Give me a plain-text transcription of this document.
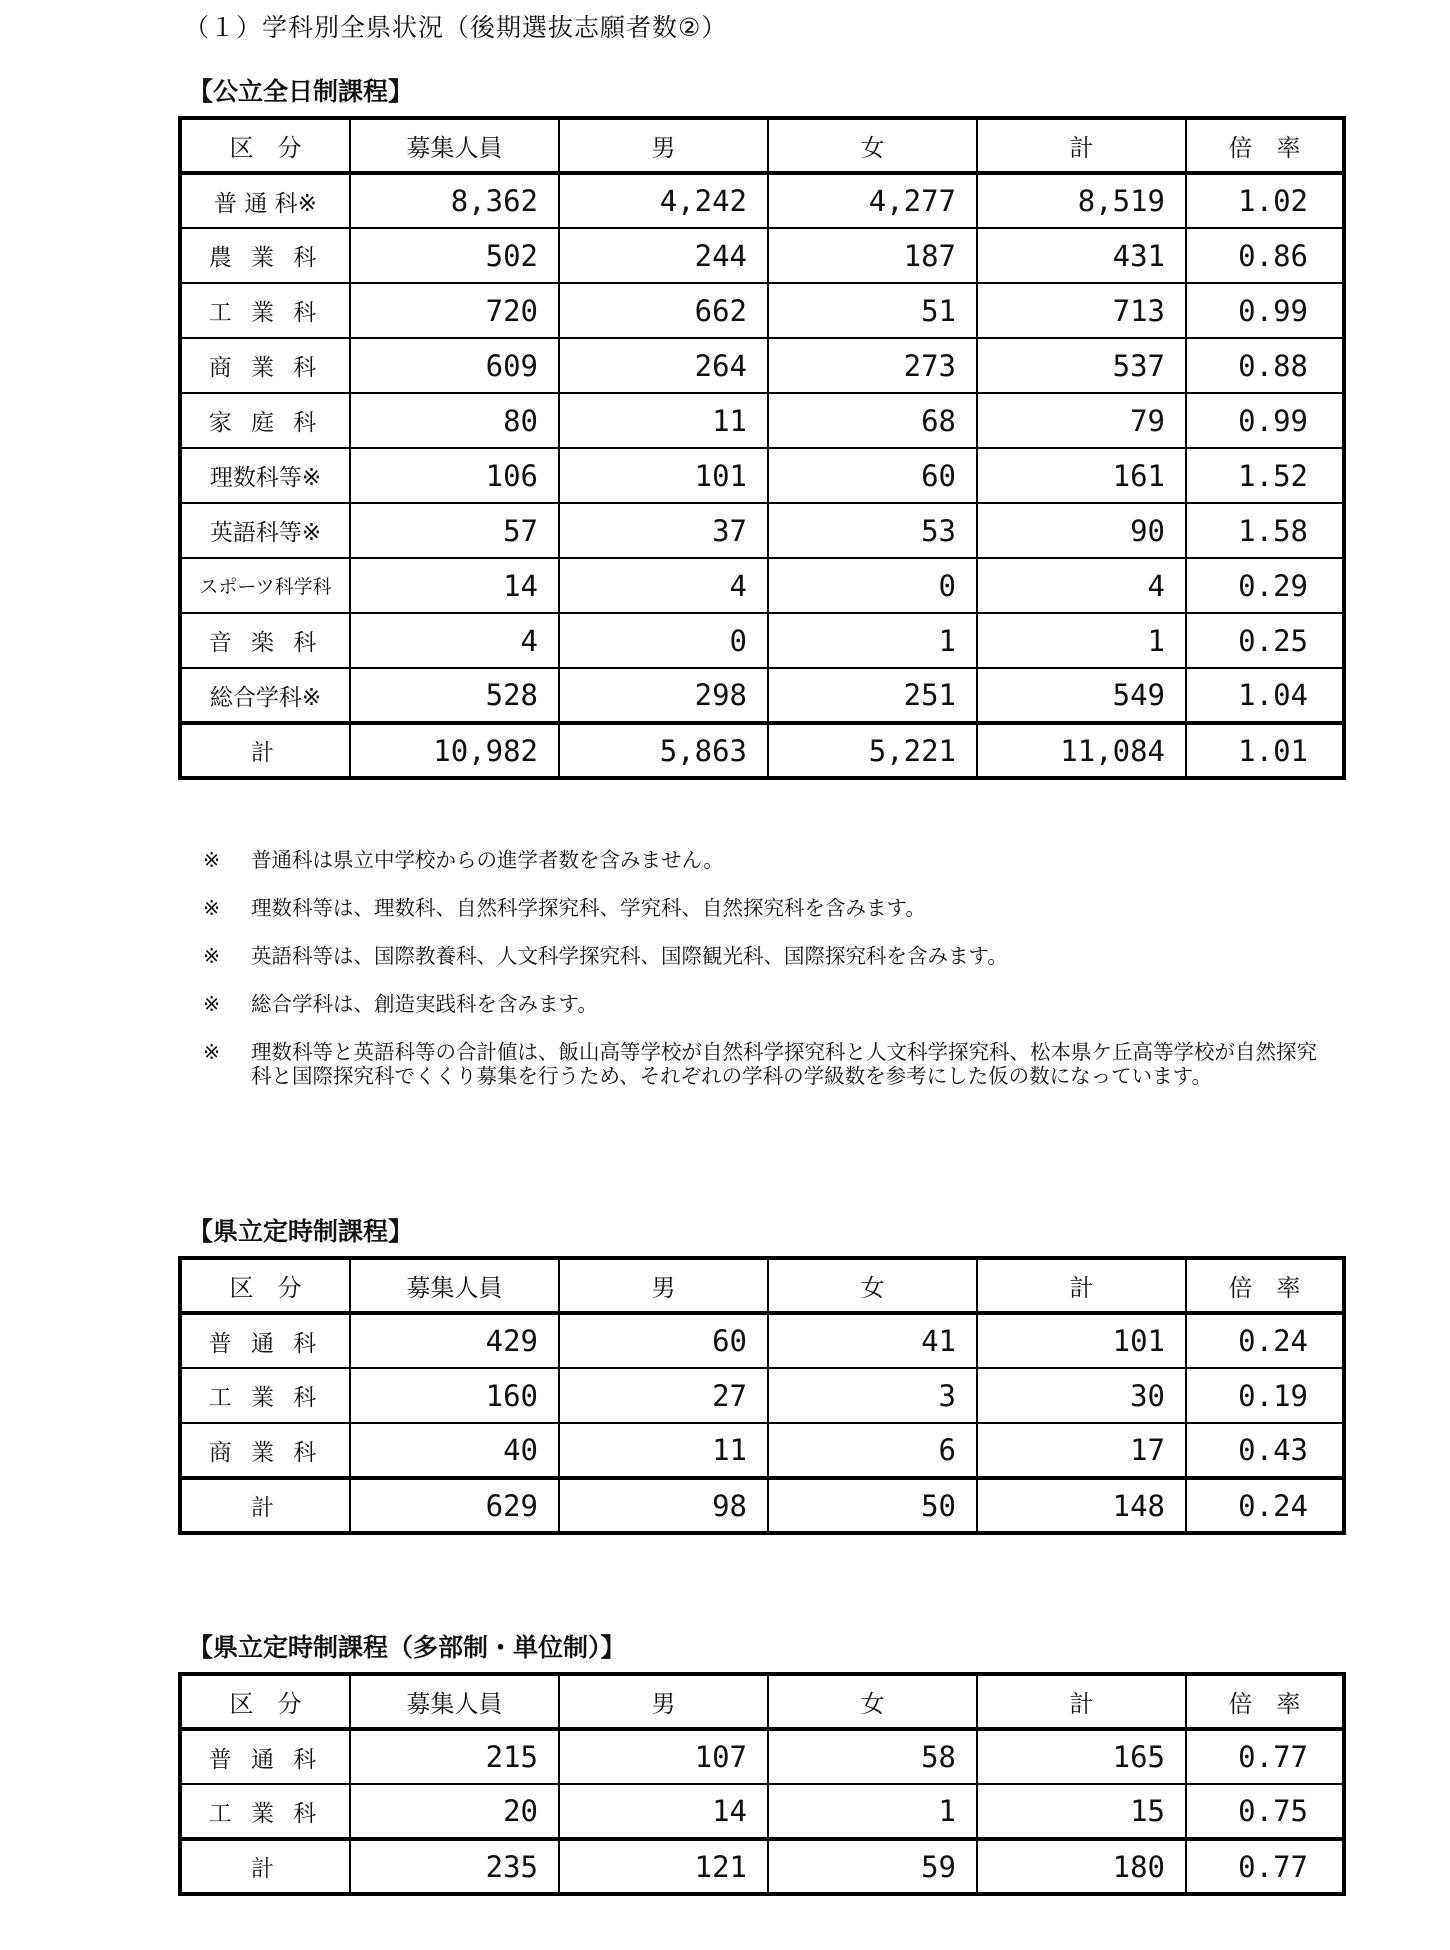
（１）学科別全県状況（後期選抜志願者数②）
【公立全日制課程】
区　分	募集人員	男	女	計	倍　率
普 通 科※	8,362	4,242	4,277	8,519	1.02
農 業 科	502	244	187	431	0.86
工 業 科	720	662	51	713	0.99
商 業 科	609	264	273	537	0.88
家 庭 科	80	11	68	79	0.99
理数科等※	106	101	60	161	1.52
英語科等※	57	37	53	90	1.58
スポーツ科学科	14	4	0	4	0.29
音 楽 科	4	0	1	1	0.25
総合学科※	528	298	251	549	1.04
計	10,982	5,863	5,221	11,084	1.01
※	普通科は県立中学校からの進学者数を含みません。
※	理数科等は、理数科、自然科学探究科、学究科、自然探究科を含みます。
※	英語科等は、国際教養科、人文科学探究科、国際観光科、国際探究科を含みます。
※	総合学科は、創造実践科を含みます。
※	理数科等と英語科等の合計値は、飯山高等学校が自然科学探究科と人文科学探究科、松本県ケ丘高等学校が自然探究科と国際探究科でくくり募集を行うため、それぞれの学科の学級数を参考にした仮の数になっています。
【県立定時制課程】
区　分	募集人員	男	女	計	倍　率
普 通 科	429	60	41	101	0.24
工 業 科	160	27	3	30	0.19
商 業 科	40	11	6	17	0.43
計	629	98	50	148	0.24
【県立定時制課程（多部制・単位制）】
区　分	募集人員	男	女	計	倍　率
普 通 科	215	107	58	165	0.77
工 業 科	20	14	1	15	0.75
計	235	121	59	180	0.77
